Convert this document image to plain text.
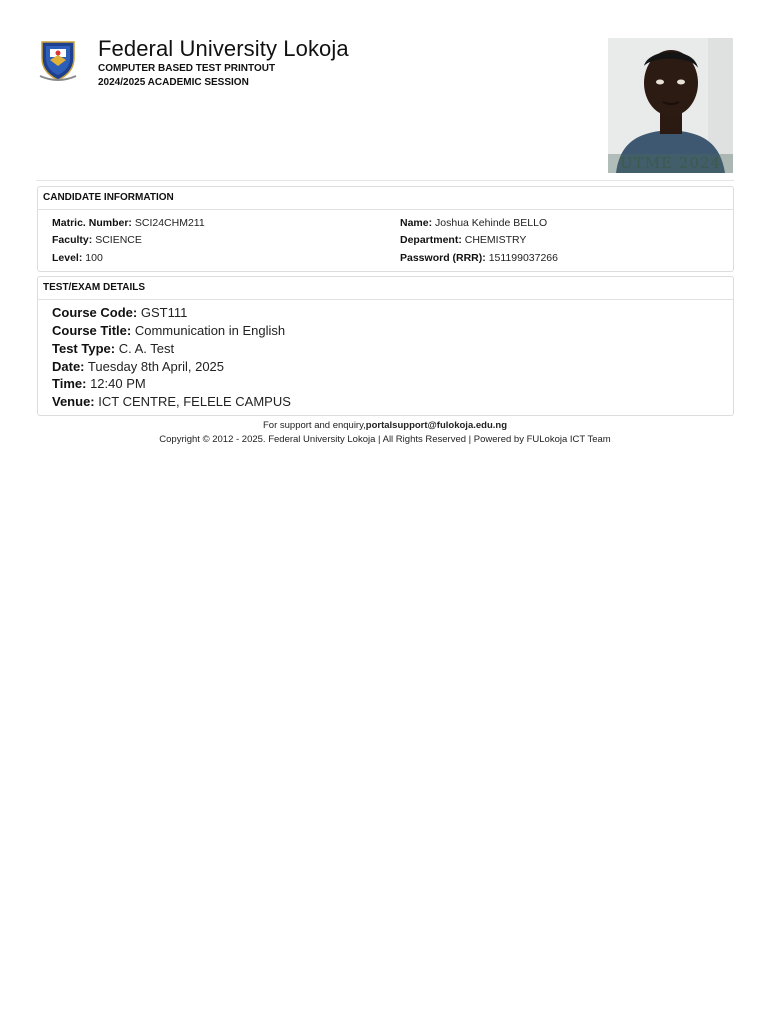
Federal University Lokoja
COMPUTER BASED TEST PRINTOUT
2024/2025 ACADEMIC SESSION
UTME 2024
CANDIDATE INFORMATION
Matric. Number: SCI24CHM211
Faculty: SCIENCE
Level: 100
Name: Joshua Kehinde BELLO
Department: CHEMISTRY
Password (RRR): 151199037266
TEST/EXAM DETAILS
Course Code: GST111
Course Title: Communication in English
Test Type: C. A. Test
Date: Tuesday 8th April, 2025
Time: 12:40 PM
Venue: ICT CENTRE, FELELE CAMPUS
For support and enquiry,portalsupport@fulokoja.edu.ng
Copyright © 2012 - 2025. Federal University Lokoja | All Rights Reserved | Powered by FULokoja ICT Team
